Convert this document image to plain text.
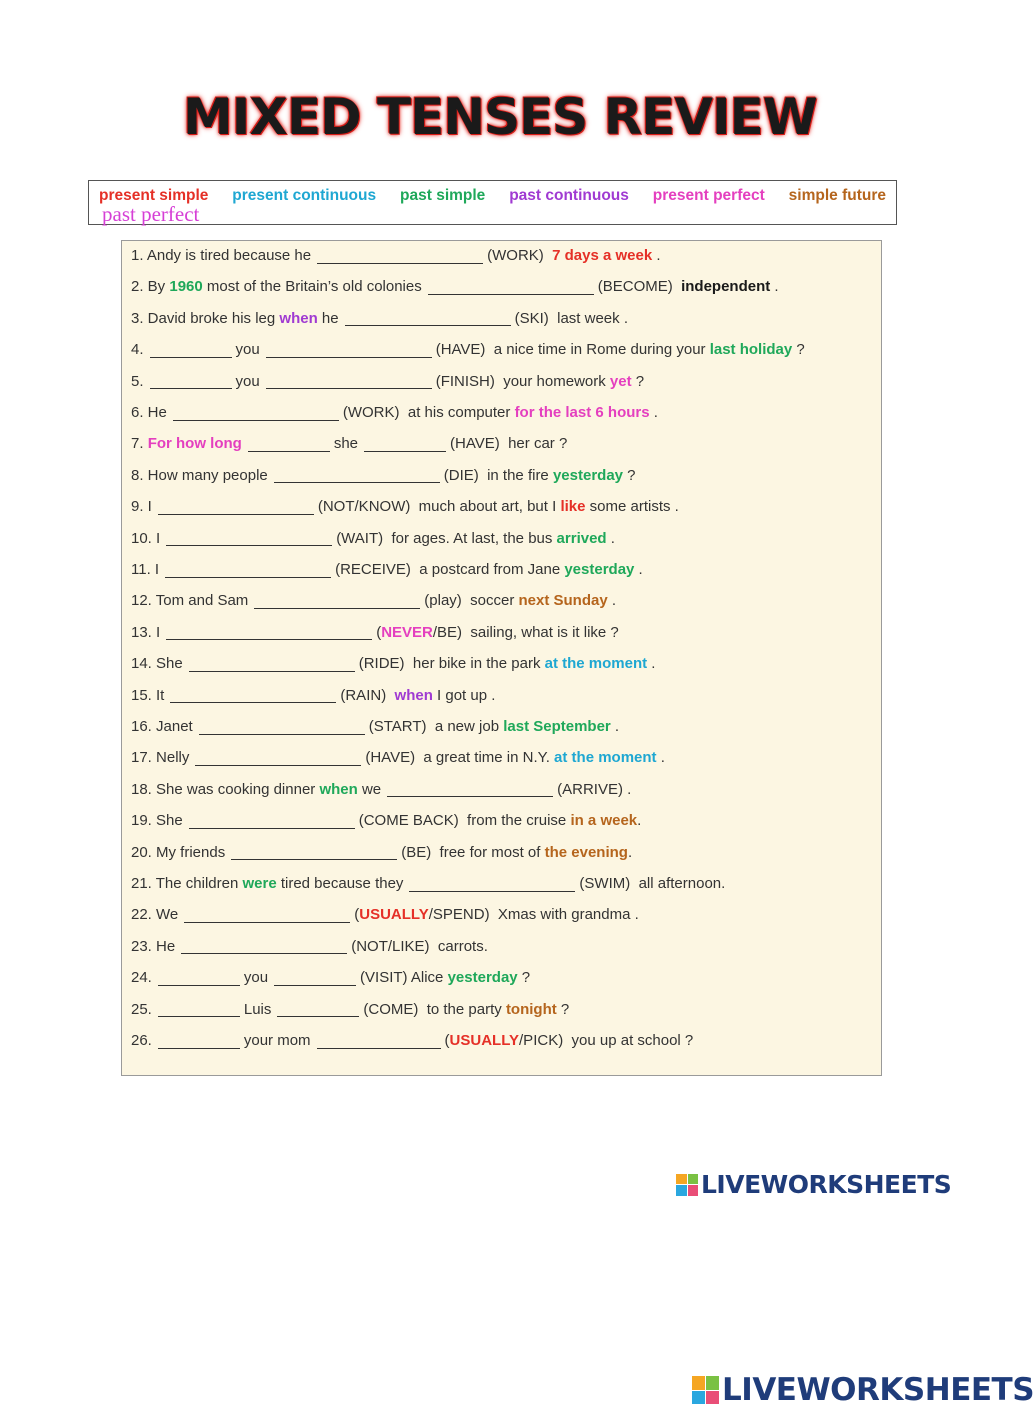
MIXED TENSES REVIEW
present simple present continuous past simple past continuous present perfect simple future
past perfect
1. Andy is tired because he	(WORK) 7 days a week .
2. By 1960 most of the Britain’s old colonies	(BECOME) independent .
3. David broke his leg when he	(SKI)  last week .
4.	you	(HAVE)  a nice time in Rome during your last holiday ?
5.	you	(FINISH)  your homework yet ?
6. He	(WORK)  at his computer for the last 6 hours .
7. For how long	she	(HAVE)  her car ?
8. How many people	(DIE)  in the fire yesterday ?
9. I	(NOT/KNOW)  much about art, but I like some artists .
10. I	(WAIT)  for ages. At last, the bus arrived .
11. I	(RECEIVE)  a postcard from Jane yesterday .
12. Tom and Sam	(play)  soccer next Sunday .
13. I	( NEVER /BE)  sailing, what is it like ?
14. She	(RIDE)  her bike in the park at the moment .
15. It	(RAIN) when I got up .
16. Janet	(START)  a new job last September .
17. Nelly	(HAVE)  a great time in N.Y. at the moment .
18. She was cooking dinner when we	(ARRIVE) .
19. She	(COME BACK)  from the cruise in a week .
20. My friends	(BE)  free for most of the evening .
21. The children were tired because they	(SWIM)  all afternoon.
22. We	( USUALLY /SPEND)  Xmas with grandma .
23. He	(NOT/LIKE)  carrots.
24.	you	(VISIT) Alice yesterday ?
25.	Luis	(COME)  to the party tonight ?
26.	your mom	( USUALLY /PICK)  you up at school ?
LIVEWORKSHEETS
LIVEWORKSHEETS
